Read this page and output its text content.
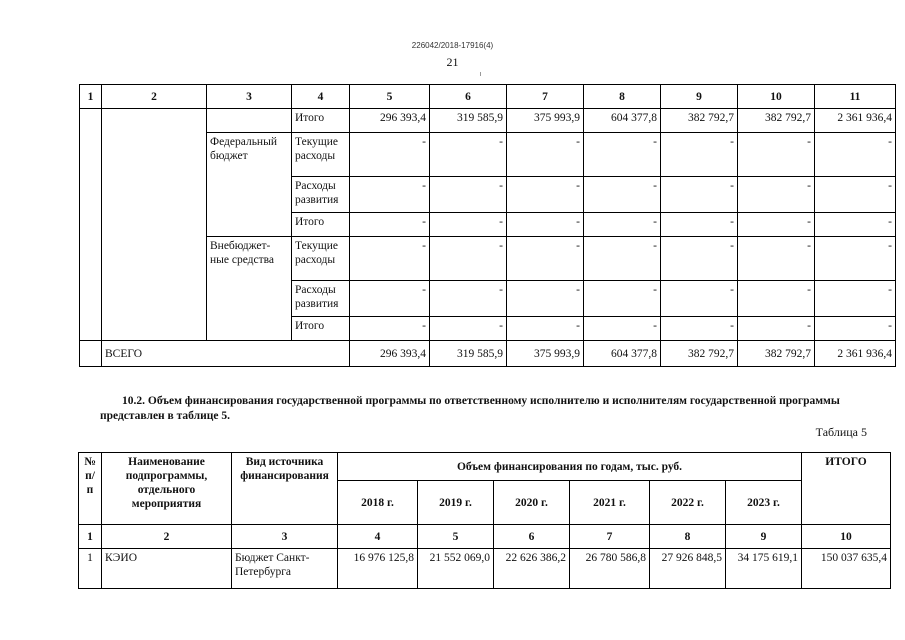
226042/2018-17916(4)
21
1	2	3	4	5	6	7	8	9	10	11
			Итого	296 393,4	319 585,9	375 993,9	604 377,8	382 792,7	382 792,7	2 361 936,4
		Федеральный бюджет	Текущие расходы	-	-	-	-	-	-	-
			Расходы развития	-	-	-	-	-	-	-
			Итого	-	-	-	-	-	-	-
		Внебюджет-ные средства	Текущие расходы	-	-	-	-	-	-	-
			Расходы развития	-	-	-	-	-	-	-
			Итого	-	-	-	-	-	-	-
	ВСЕГО			296 393,4	319 585,9	375 993,9	604 377,8	382 792,7	382 792,7	2 361 936,4
10.2. Объем финансирования государственной программы по ответственному исполнителю и исполнителям государственной программы представлен в таблице 5.
Таблица 5
№ п/п	Наименование подпрограммы, отдельного мероприятия	Вид источника финансирования	Объем финансирования по годам, тыс. руб.						ИТОГО
			2018 г.	2019 г.	2020 г.	2021 г.	2022 г.	2023 г.	
1	2	3	4	5	6	7	8	9	10
1	КЭИО	Бюджет Санкт-Петербурга	16 976 125,8	21 552 069,0	22 626 386,2	26 780 586,8	27 926 848,5	34 175 619,1	150 037 635,4
